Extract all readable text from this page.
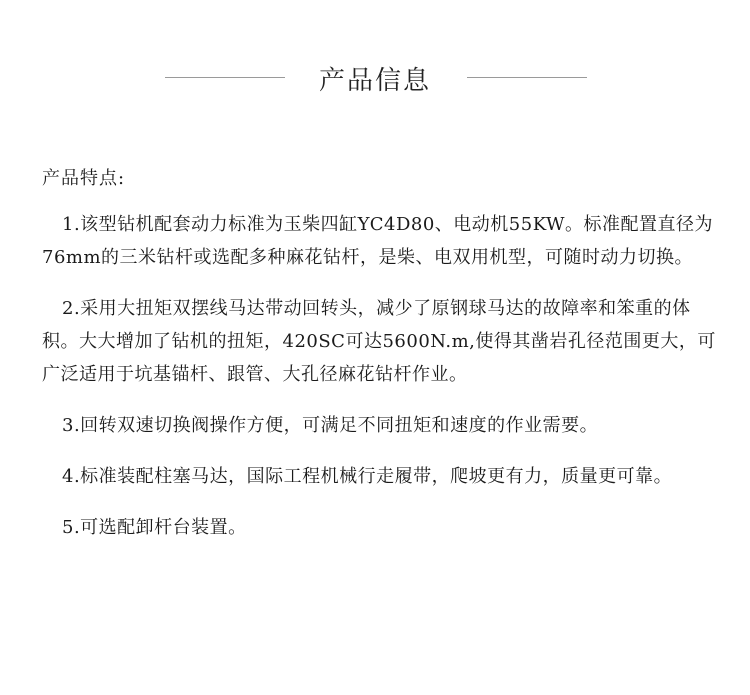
产品信息
产品特点:

1.该型钻机配套动力标准为玉柴四缸YC4D80、电动机55KW。标准配置直径为76mm的三米钻杆或选配多种麻花钻杆，是柴、电双用机型，可随时动力切换。

2.采用大扭矩双摆线马达带动回转头，减少了原钢球马达的故障率和笨重的体积。大大增加了钻机的扭矩，420SC可达5600N.m,使得其凿岩孔径范围更大，可广泛适用于坑基锚杆、跟管、大孔径麻花钻杆作业。

3.回转双速切换阀操作方便，可满足不同扭矩和速度的作业需要。

4.标准装配柱塞马达，国际工程机械行走履带，爬坡更有力，质量更可靠。

5.可选配卸杆台装置。
